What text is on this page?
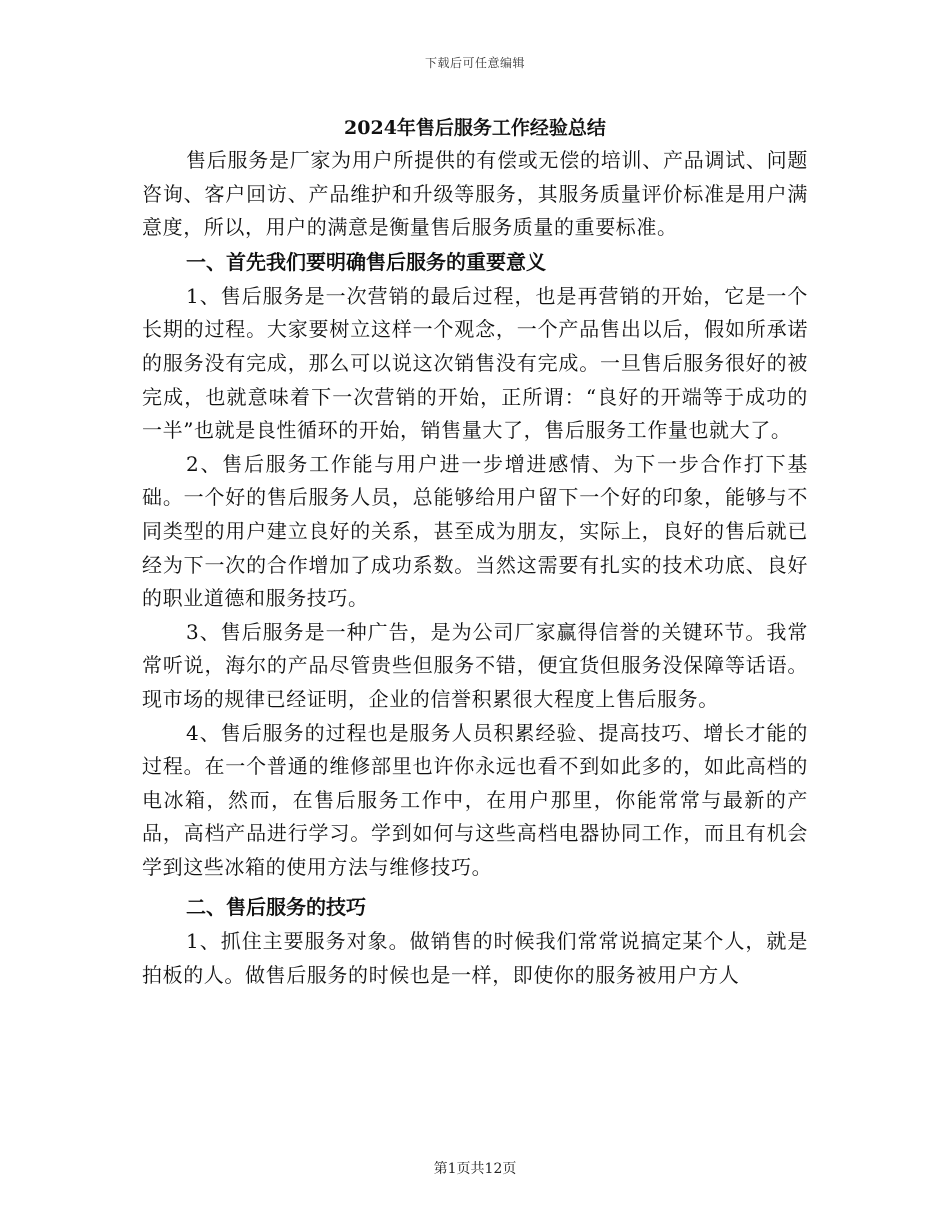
下载后可任意编辑
2024年售后服务工作经验总结

售后服务是厂家为用户所提供的有偿或无偿的培训、产品调试、问题咨询、客户回访、产品维护和升级等服务，其服务质量评价标准是用户满意度，所以，用户的满意是衡量售后服务质量的重要标准。

一、首先我们要明确售后服务的重要意义

1、售后服务是一次营销的最后过程，也是再营销的开始，它是一个长期的过程。大家要树立这样一个观念，一个产品售出以后，假如所承诺的服务没有完成，那么可以说这次销售没有完成。一旦售后服务很好的被完成，也就意味着下一次营销的开始，正所谓：“良好的开端等于成功的一半”也就是良性循环的开始，销售量大了，售后服务工作量也就大了。

2、售后服务工作能与用户进一步增进感情、为下一步合作打下基础。一个好的售后服务人员，总能够给用户留下一个好的印象，能够与不同类型的用户建立良好的关系，甚至成为朋友，实际上，良好的售后就已经为下一次的合作增加了成功系数。当然这需要有扎实的技术功底、良好的职业道德和服务技巧。

3、售后服务是一种广告，是为公司厂家赢得信誉的关键环节。我常常听说，海尔的产品尽管贵些但服务不错，便宜货但服务没保障等话语。现市场的规律已经证明，企业的信誉积累很大程度上售后服务。

4、售后服务的过程也是服务人员积累经验、提高技巧、增长才能的过程。在一个普通的维修部里也许你永远也看不到如此多的，如此高档的电冰箱，然而，在售后服务工作中，在用户那里，你能常常与最新的产品，高档产品进行学习。学到如何与这些高档电器协同工作，而且有机会学到这些冰箱的使用方法与维修技巧。

二、售后服务的技巧

1、抓住主要服务对象。做销售的时候我们常常说搞定某个人，就是拍板的人。做售后服务的时候也是一样，即使你的服务被用户方人

第1页共12页
